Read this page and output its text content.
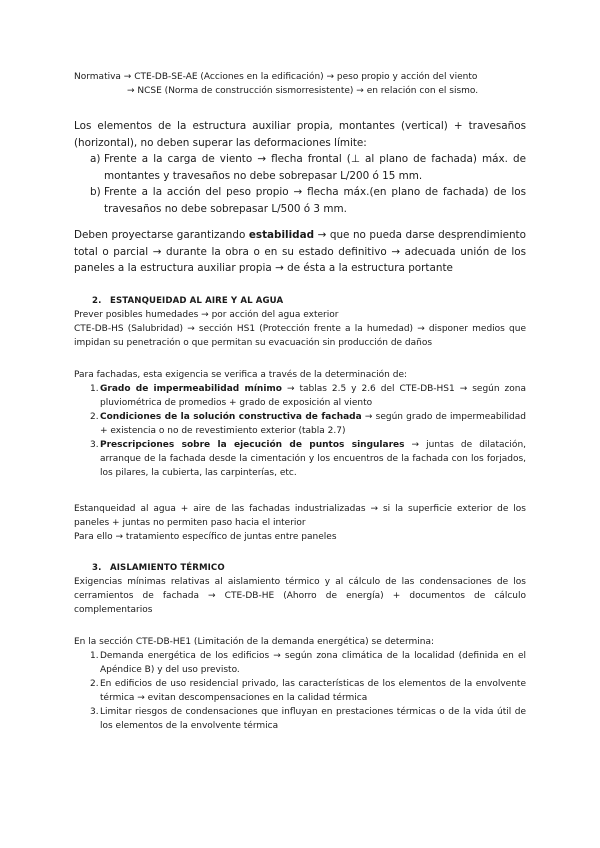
Normativa → CTE-DB-SE-AE (Acciones en la edificación) → peso propio y acción del viento
→ NCSE (Norma de construcción sismorresistente) → en relación con el sismo.
Los elementos de la estructura auxiliar propia, montantes (vertical) + travesaños (horizontal), no deben superar las deformaciones límite:
a) Frente a la carga de viento → flecha frontal (⊥ al plano de fachada) máx. de montantes y travesaños no debe sobrepasar L/200 ó 15 mm.
b) Frente a la acción del peso propio → flecha máx.(en plano de fachada) de los travesaños no debe sobrepasar L/500 ó 3 mm.
Deben proyectarse garantizando estabilidad → que no pueda darse desprendimiento total o parcial → durante la obra o en su estado definitivo → adecuada unión de los paneles a la estructura auxiliar propia → de ésta a la estructura portante
2. ESTANQUEIDAD AL AIRE Y AL AGUA
Prever posibles humedades → por acción del agua exterior
CTE-DB-HS (Salubridad) → sección HS1 (Protección frente a la humedad) → disponer medios que impidan su penetración o que permitan su evacuación sin producción de daños
Para fachadas, esta exigencia se verifica a través de la determinación de:
1. Grado de impermeabilidad mínimo → tablas 2.5 y 2.6 del CTE-DB-HS1 → según zona pluviométrica de promedios + grado de exposición al viento
2. Condiciones de la solución constructiva de fachada → según grado de impermeabilidad + existencia o no de revestimiento exterior (tabla 2.7)
3. Prescripciones sobre la ejecución de puntos singulares → juntas de dilatación, arranque de la fachada desde la cimentación y los encuentros de la fachada con los forjados, los pilares, la cubierta, las carpinterías, etc.
Estanqueidad al agua + aire de las fachadas industrializadas → si la superficie exterior de los paneles + juntas no permiten paso hacia el interior
Para ello → tratamiento específico de juntas entre paneles
3. AISLAMIENTO TÉRMICO
Exigencias mínimas relativas al aislamiento térmico y al cálculo de las condensaciones de los cerramientos de fachada → CTE-DB-HE (Ahorro de energía) + documentos de cálculo complementarios
En la sección CTE-DB-HE1 (Limitación de la demanda energética) se determina:
1. Demanda energética de los edificios → según zona climática de la localidad (definida en el Apéndice B) y del uso previsto.
2. En edificios de uso residencial privado, las características de los elementos de la envolvente térmica → evitan descompensaciones en la calidad térmica
3. Limitar riesgos de condensaciones que influyan en prestaciones térmicas o de la vida útil de los elementos de la envolvente térmica
